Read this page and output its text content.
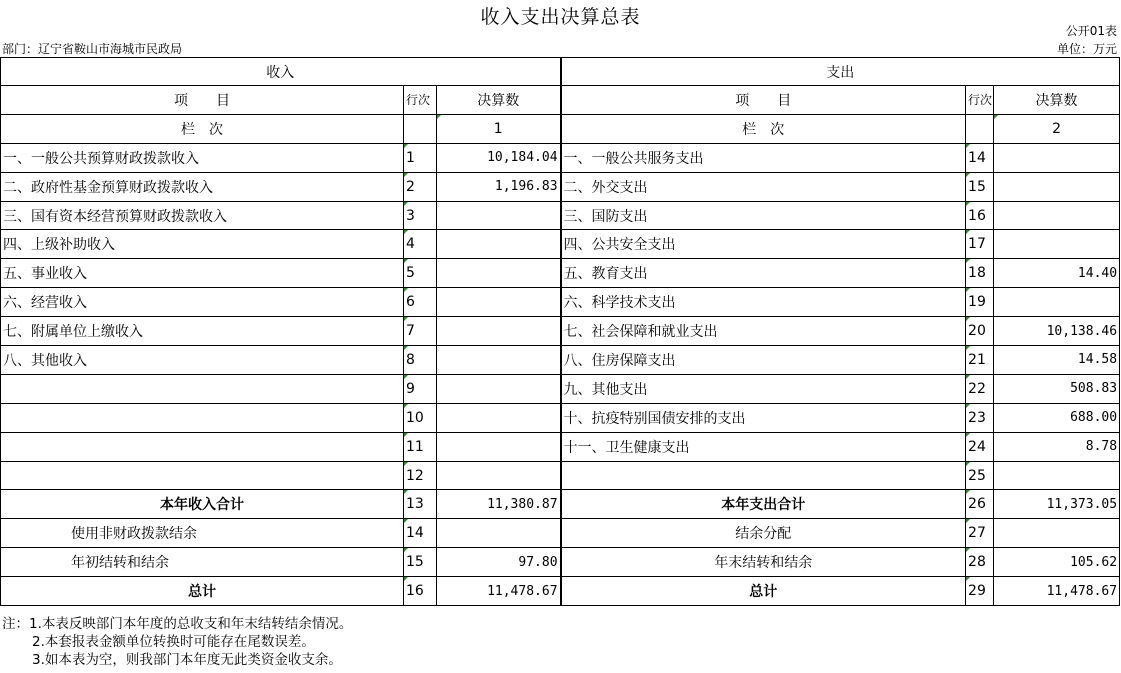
收入支出决算总表
公开01表
部门：辽宁省鞍山市海城市民政局	单位：万元
收入			支出		
项　　目	行次	决算数	项　　目	行次	决算数
栏　次		1	栏　次		2
一、一般公共预算财政拨款收入	1	10,184.04	一、一般公共服务支出	14	
二、政府性基金预算财政拨款收入	2	1,196.83	二、外交支出	15	
三、国有资本经营预算财政拨款收入	3		三、国防支出	16	
四、上级补助收入	4		四、公共安全支出	17	
五、事业收入	5		五、教育支出	18	14.40
六、经营收入	6		六、科学技术支出	19	
七、附属单位上缴收入	7		七、社会保障和就业支出	20	10,138.46
八、其他收入	8		八、住房保障支出	21	14.58
	9		九、其他支出	22	508.83
	10		十、抗疫特别国债安排的支出	23	688.00
	11		十一、卫生健康支出	24	8.78
	12			25	
本年收入合计	13	11,380.87	本年支出合计	26	11,373.05
使用非财政拨款结余	14		结余分配	27	
年初结转和结余	15	97.80	年末结转和结余	28	105.62
总计	16	11,478.67	总计	29	11,478.67
注：1.本表反映部门本年度的总收支和年末结转结余情况。
2.本套报表金额单位转换时可能存在尾数误差。
3.如本表为空，则我部门本年度无此类资金收支余。
